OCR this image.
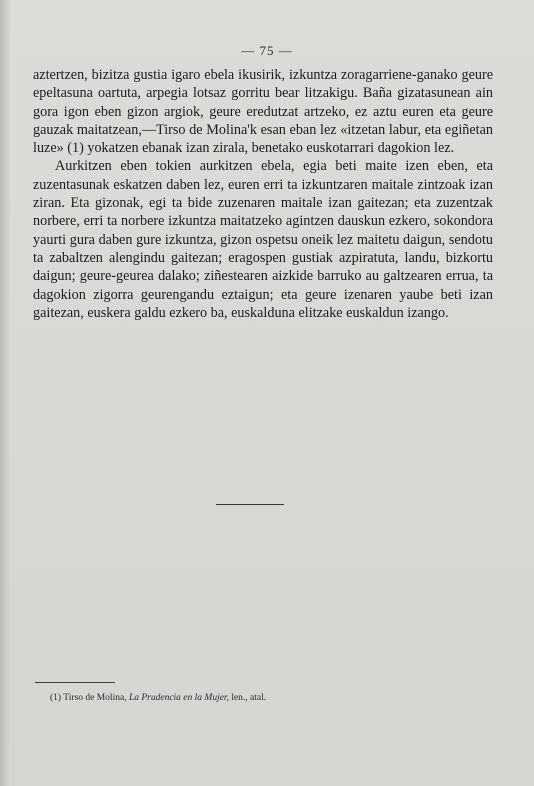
— 75 —

aztertzen, bizitza gustia igaro ebela ikusirik, izkuntza zoragarriene-ganako geure epeltasuna oartuta, arpegia lotsaz gorritu bear litzakigu. Baña gizatasunean ain gora igon eben gizon argiok, geure eredutzat artzeko, ez aztu euren eta geure gauzak maitatzean,—Tirso de Molina'k esan eban lez «itzetan labur, eta egiñetan luze» (1) yokatzen ebanak izan zirala, benetako euskotarrari dagokion lez.

Aurkitzen eben tokien aurkitzen ebela, egia beti maite izen eben, eta zuzentasunak eskatzen daben lez, euren erri ta izkuntzaren maitale zintzoak izan ziran. Eta gizonak, egi ta bide zuzenaren maitale izan gaitezan; eta zuzentzak norbere, erri ta norbere izkuntza maitatzeko agintzen dauskun ezkero, sokondora yaurti gura daben gure izkuntza, gizon ospetsu oneik lez maitetu daigun, sendotu ta zabaltzen alengindu gaitezan; eragospen gustiak azpiratuta, landu, bizkortu daigun; geure-geurea dalako; ziñestearen aizkide barruko au galtzearen errua, ta dagokion zigorra geurengandu eztaigun; eta geure izenaren yaube beti izan gaitezan, euskera galdu ezkero ba, euskalduna elitzake euskaldun izango.

(1) Tirso de Molina, La Prudencia en la Mujer, len., atal.
